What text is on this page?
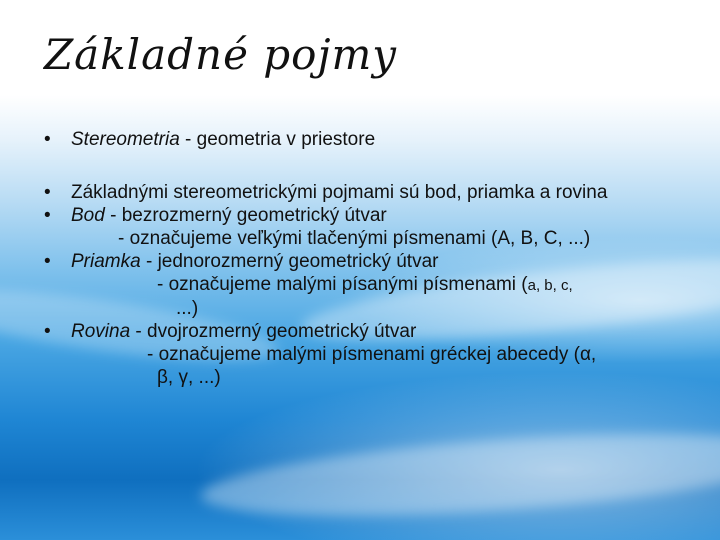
Základné pojmy
• Stereometria - geometria v priestore
• Základnými stereometrickými pojmami sú bod, priamka a rovina
• Bod - bezrozmerný geometrický útvar
- označujeme veľkými tlačenými písmenami (A, B, C, ...)
• Priamka - jednorozmerný geometrický útvar
- označujeme malými písanými písmenami (a, b, c,
...)
• Rovina - dvojrozmerný geometrický útvar
- označujeme malými písmenami gréckej abecedy (α,
β, γ, ...)
